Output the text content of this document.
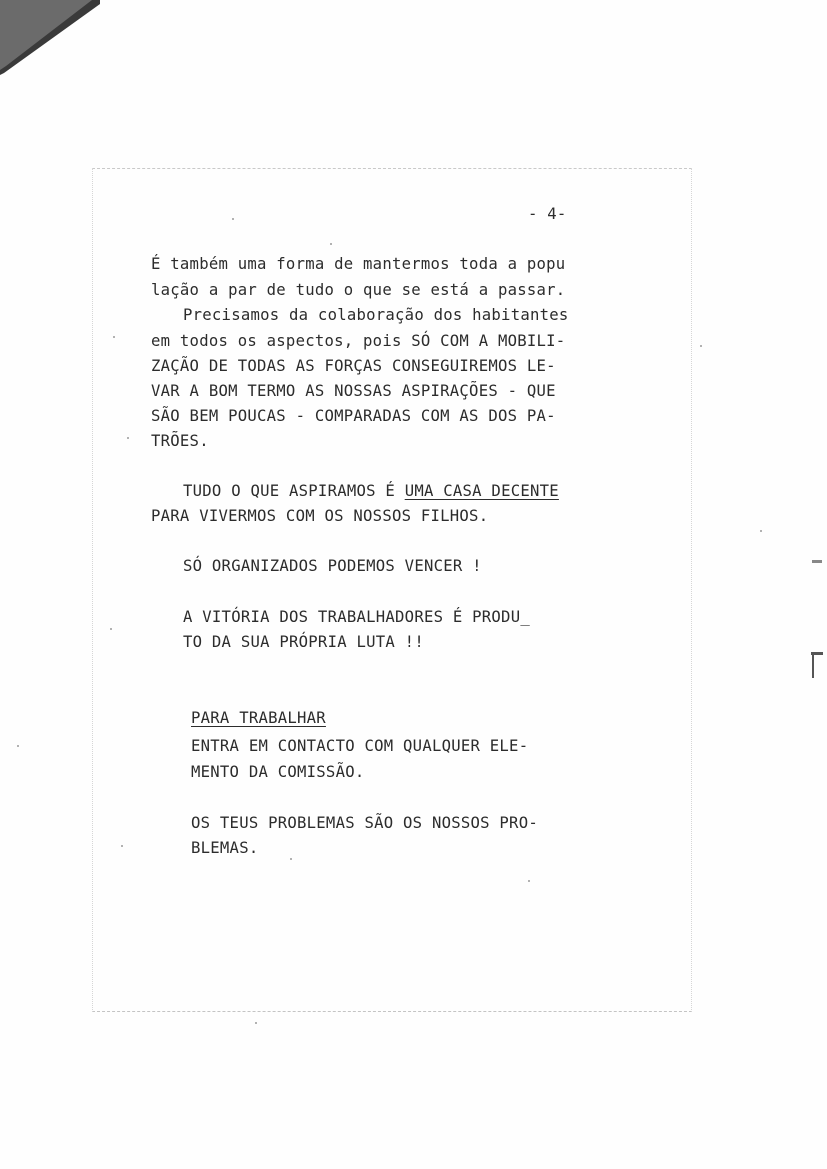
- 4-
É também uma forma de mantermos toda a popu
lação a par de tudo o que se está a passar.
Precisamos da colaboração dos habitantes
em todos os aspectos, pois SÓ COM A MOBILI-
ZAÇÃO DE TODAS AS FORÇAS CONSEGUIREMOS LE-
VAR A BOM TERMO AS NOSSAS ASPIRAÇÕES - QUE
SÃO BEM POUCAS - COMPARADAS COM AS DOS PA-
TRÕES.
TUDO O QUE ASPIRAMOS É UMA CASA DECENTE
PARA VIVERMOS COM OS NOSSOS FILHOS.
SÓ ORGANIZADOS PODEMOS VENCER !
A VITÓRIA DOS TRABALHADORES É PRODU_
TO DA SUA PRÓPRIA LUTA !!
PARA TRABALHAR
ENTRA EM CONTACTO COM QUALQUER ELE-
MENTO DA COMISSÃO.
OS TEUS PROBLEMAS SÃO OS NOSSOS PRO-
BLEMAS.
